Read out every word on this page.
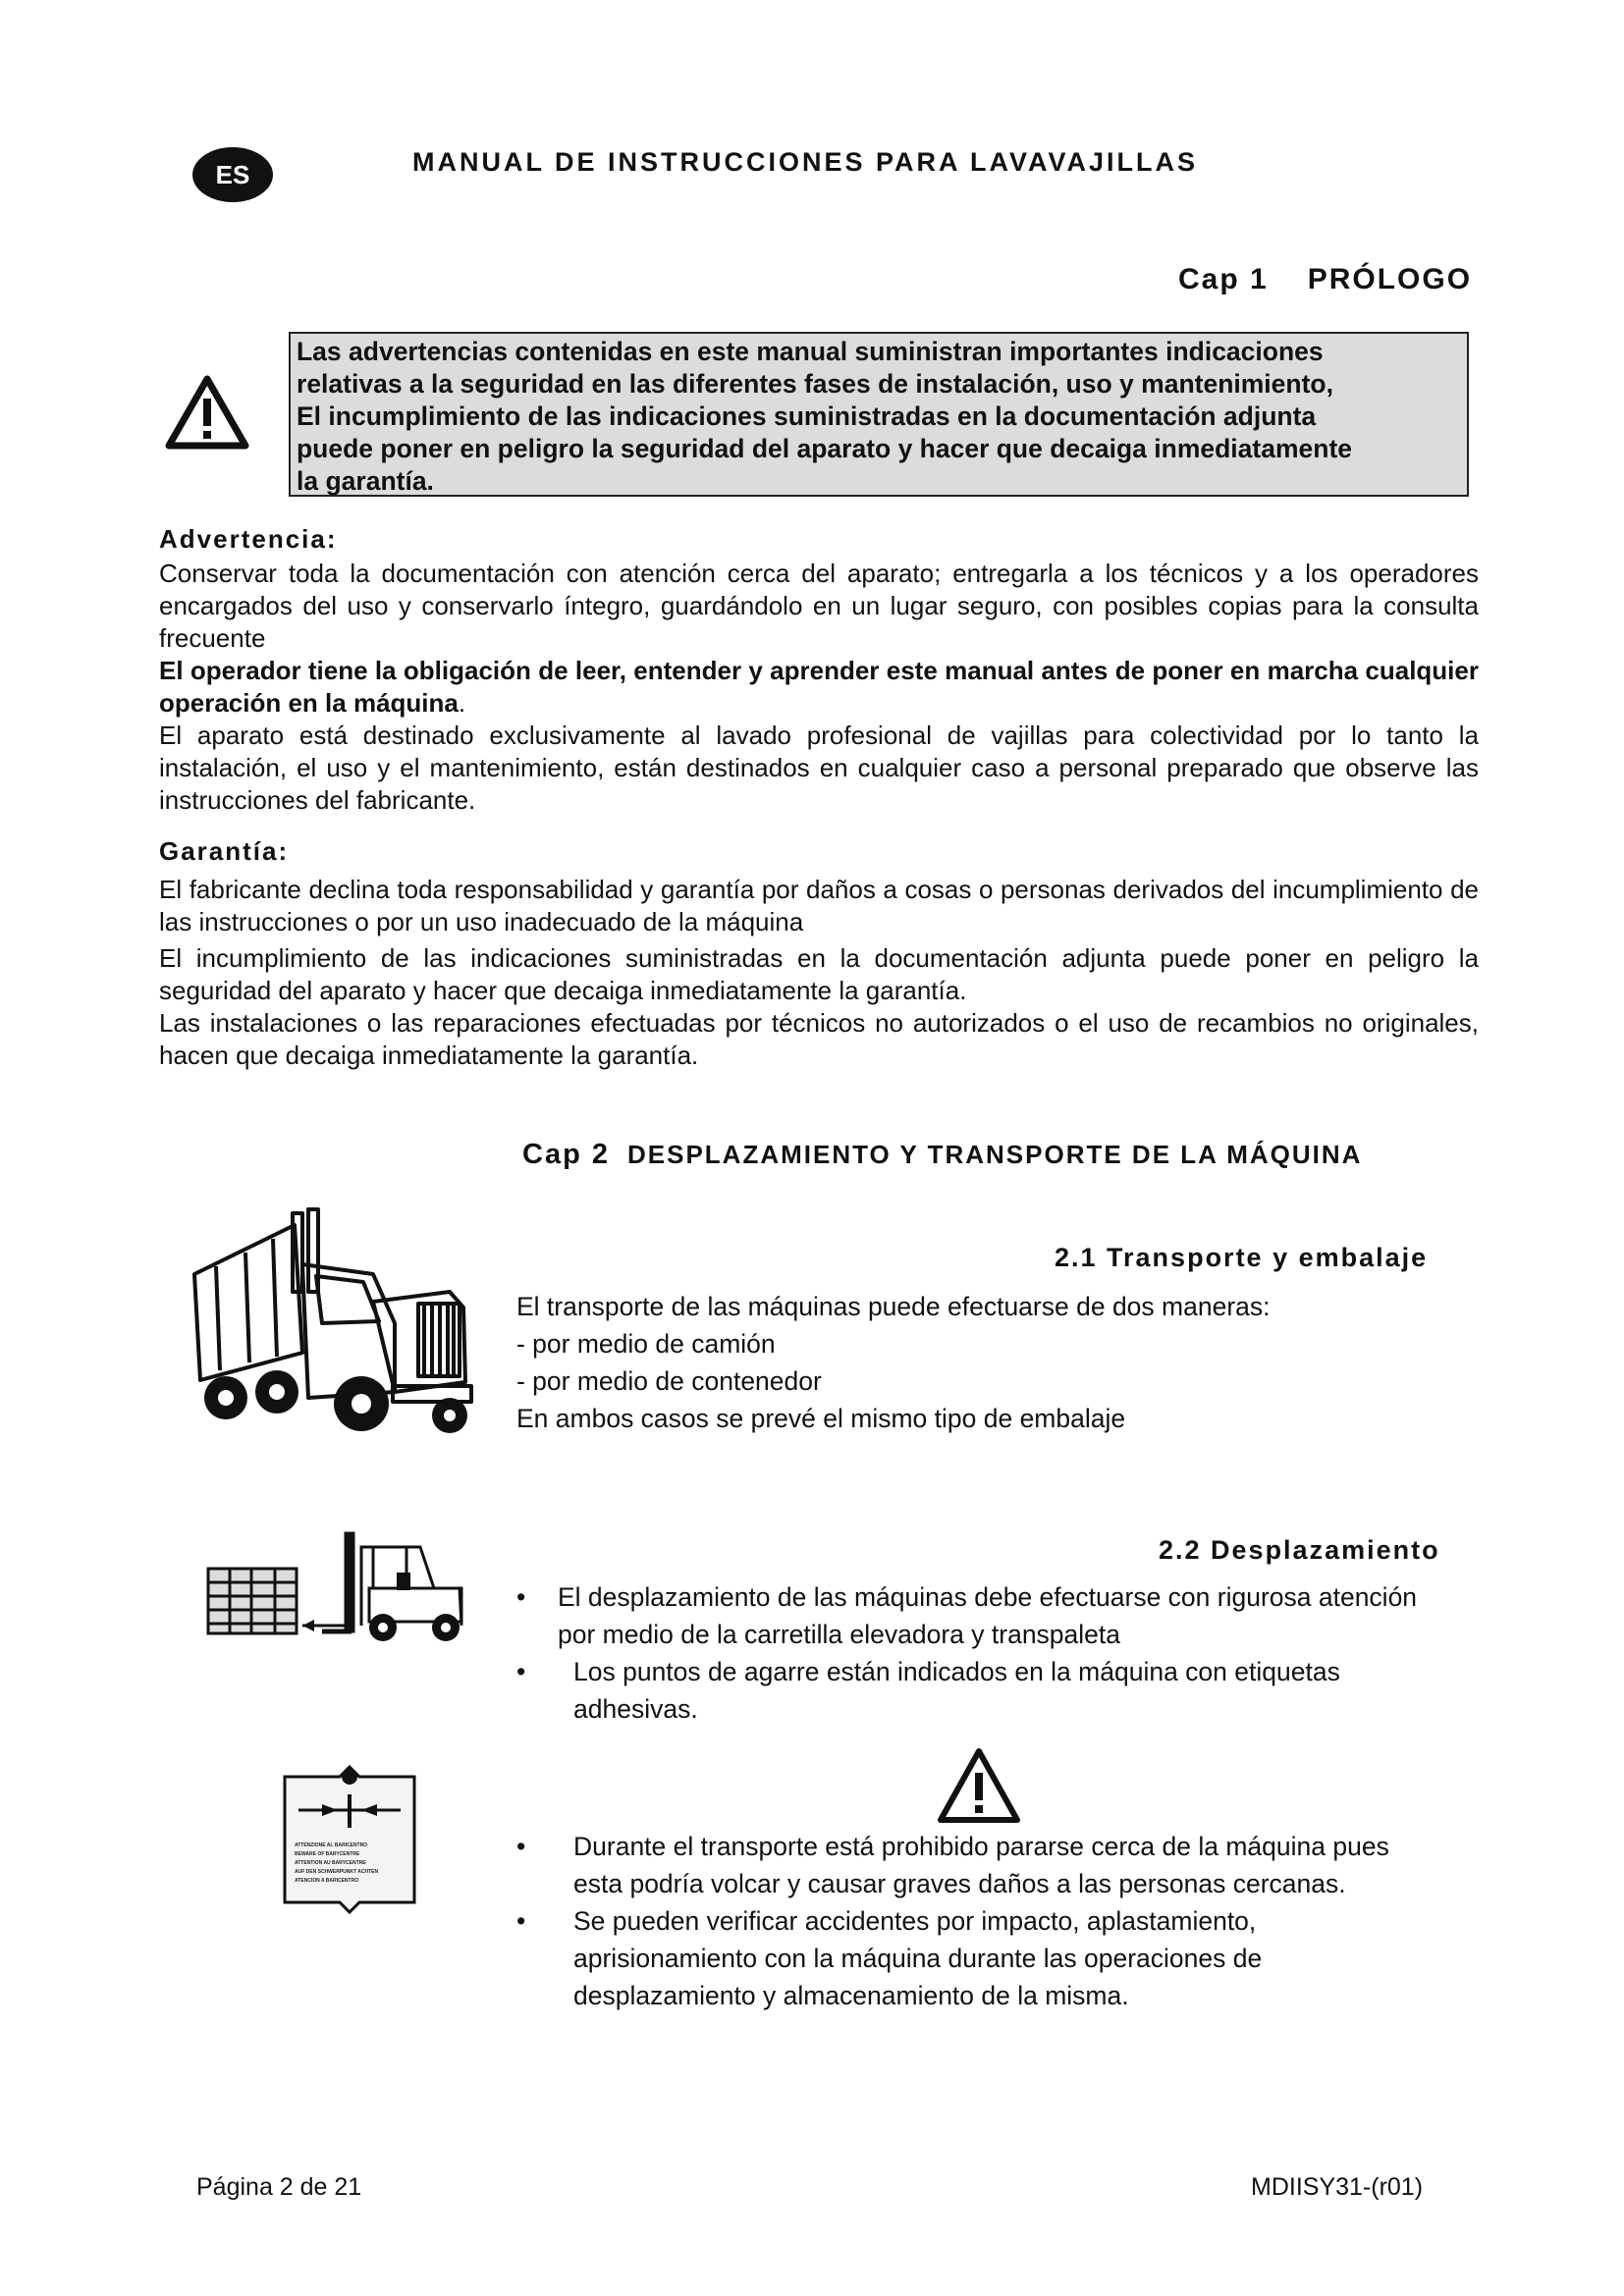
ES	MANUAL DE INSTRUCCIONES PARA LAVAVAJILLAS
Cap 1 PRÓLOGO
Las advertencias contenidas en este manual suministran importantes indicaciones
relativas a la seguridad en las diferentes fases de instalación, uso y mantenimiento,
El incumplimiento de las indicaciones suministradas en la documentación adjunta
puede poner en peligro la seguridad del aparato y hacer que decaiga inmediatamente
la garantía.
Advertencia:

Conservar toda la documentación con atención cerca del aparato; entregarla a los técnicos y a los operadores encargados del uso y conservarlo íntegro, guardándolo en un lugar seguro, con posibles copias para la consulta frecuente

El operador tiene la obligación de leer, entender y aprender este manual antes de poner en marcha cualquier operación en la máquina.

El aparato está destinado exclusivamente al lavado profesional de vajillas para colectividad por lo tanto la instalación, el uso y el mantenimiento, están destinados en cualquier caso a personal preparado que observe las instrucciones del fabricante.

Garantía:

El fabricante declina toda responsabilidad y garantía por daños a cosas o personas derivados del incumplimiento de las instrucciones o por un uso inadecuado de la máquina

El incumplimiento de las indicaciones suministradas en la documentación adjunta puede poner en peligro la seguridad del aparato y hacer que decaiga inmediatamente la garantía.

Las instalaciones o las reparaciones efectuadas por técnicos no autorizados o el uso de recambios no originales, hacen que decaiga inmediatamente la garantía.

Cap 2 DESPLAZAMIENTO Y TRANSPORTE DE LA MÁQUINA
2.1 Transporte y embalaje
El transporte de las máquinas puede efectuarse de dos maneras:
- por medio de camión
- por medio de contenedor
En ambos casos se prevé el mismo tipo de embalaje
2.2 Desplazamiento
•	El desplazamiento de las máquinas debe efectuarse con rigurosa atención por medio de la carretilla elevadora y transpaleta
•	Los puntos de agarre están indicados en la máquina con etiquetas adhesivas.
ATTENZIONE AL BARICENTRO
BEWARE OF BARYCENTRE
ATTENTION AU BARYCENTRE
AUF DEN SCHWERPUNKT ACHTEN
ATENCION A BARICENTRO
•	Durante el transporte está prohibido pararse cerca de la máquina pues esta podría volcar y causar graves daños a las personas cercanas.
•	Se pueden verificar accidentes por impacto, aplastamiento, aprisionamiento con la máquina durante las operaciones de desplazamiento y almacenamiento de la misma.
Página 2 de 21	MDIISY31-(r01)
